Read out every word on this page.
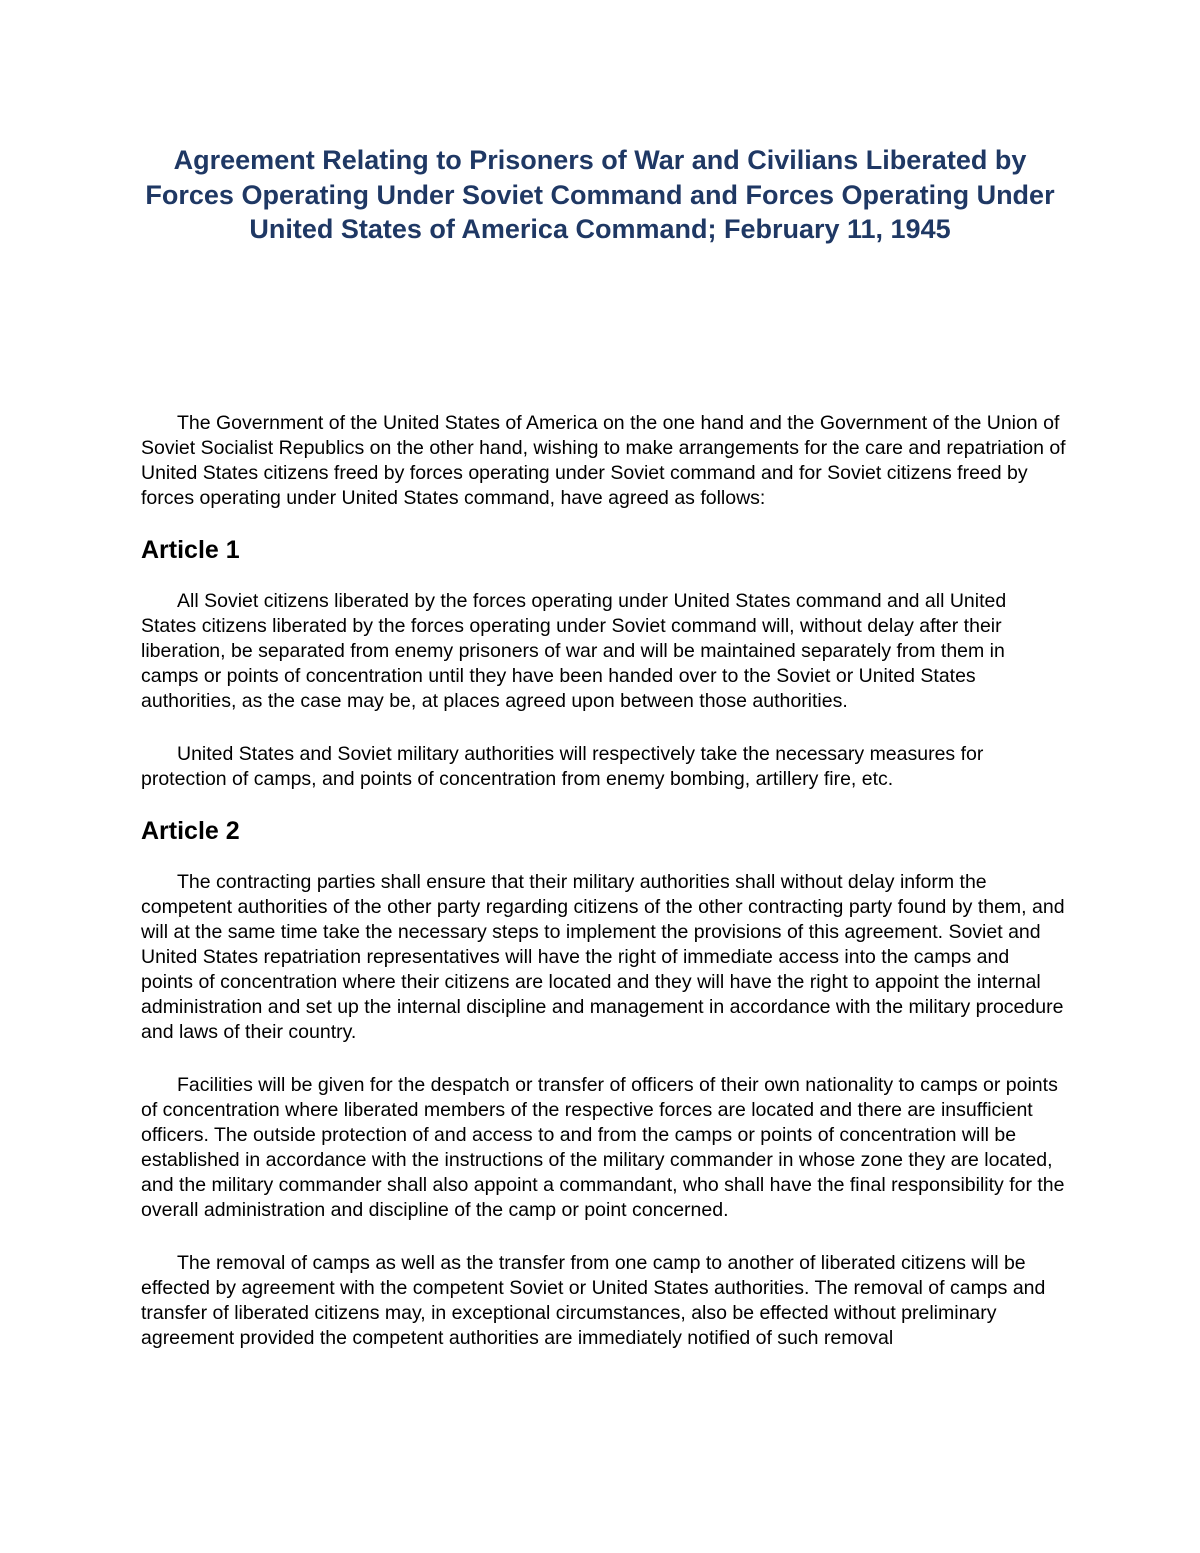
Agreement Relating to Prisoners of War and Civilians Liberated by Forces Operating Under Soviet Command and Forces Operating Under United States of America Command; February 11, 1945

The Government of the United States of America on the one hand and the Government of the Union of Soviet Socialist Republics on the other hand, wishing to make arrangements for the care and repatriation of United States citizens freed by forces operating under Soviet command and for Soviet citizens freed by forces operating under United States command, have agreed as follows:

Article 1

All Soviet citizens liberated by the forces operating under United States command and all United States citizens liberated by the forces operating under Soviet command will, without delay after their liberation, be separated from enemy prisoners of war and will be maintained separately from them in camps or points of concentration until they have been handed over to the Soviet or United States authorities, as the case may be, at places agreed upon between those authorities.

United States and Soviet military authorities will respectively take the necessary measures for protection of camps, and points of concentration from enemy bombing, artillery fire, etc.

Article 2

The contracting parties shall ensure that their military authorities shall without delay inform the competent authorities of the other party regarding citizens of the other contracting party found by them, and will at the same time take the necessary steps to implement the provisions of this agreement. Soviet and United States repatriation representatives will have the right of immediate access into the camps and points of concentration where their citizens are located and they will have the right to appoint the internal administration and set up the internal discipline and management in accordance with the military procedure and laws of their country.

Facilities will be given for the despatch or transfer of officers of their own nationality to camps or points of concentration where liberated members of the respective forces are located and there are insufficient officers. The outside protection of and access to and from the camps or points of concentration will be established in accordance with the instructions of the military commander in whose zone they are located, and the military commander shall also appoint a commandant, who shall have the final responsibility for the overall administration and discipline of the camp or point concerned.

The removal of camps as well as the transfer from one camp to another of liberated citizens will be effected by agreement with the competent Soviet or United States authorities. The removal of camps and transfer of liberated citizens may, in exceptional circumstances, also be effected without preliminary agreement provided the competent authorities are immediately notified of such removal
